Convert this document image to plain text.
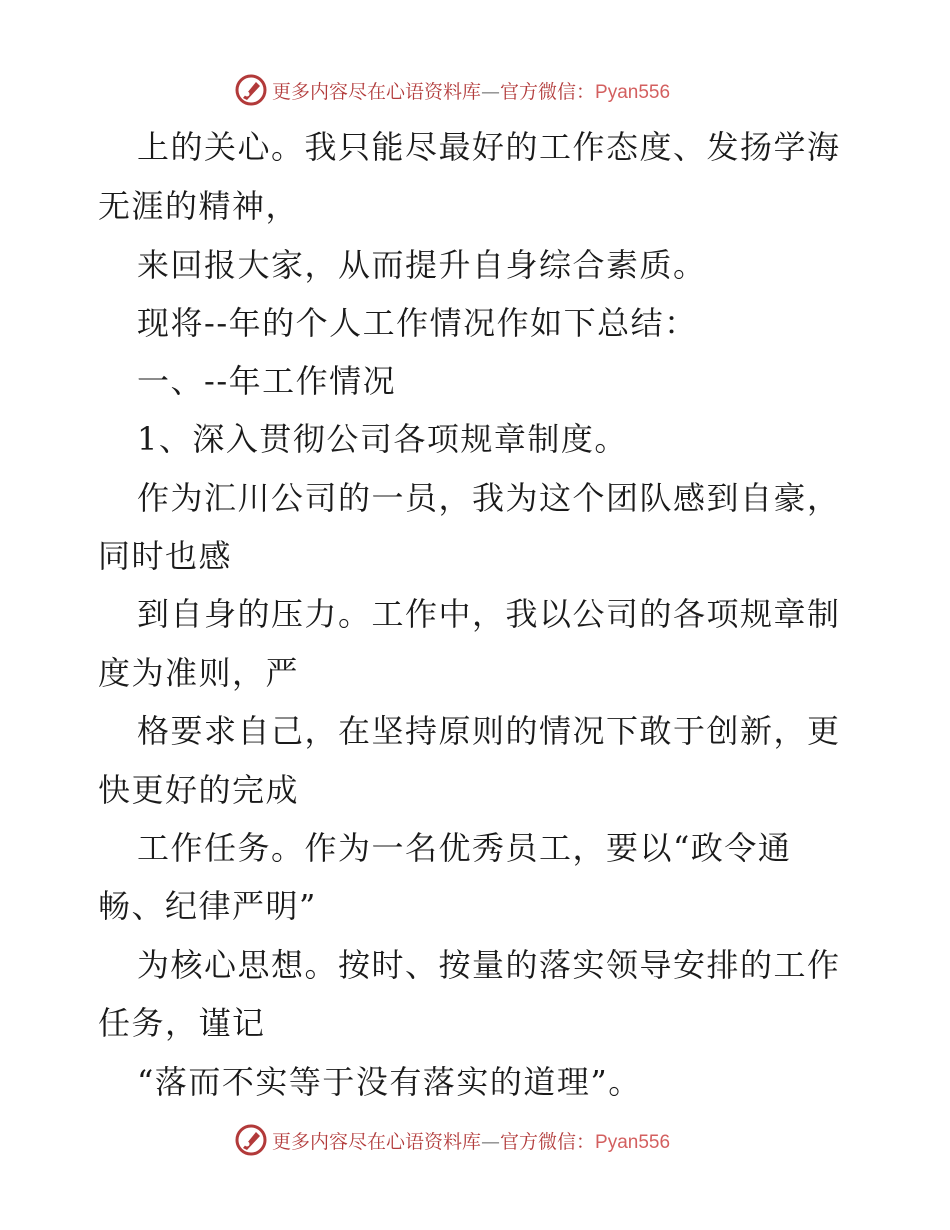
更多内容尽在心语资料库—官方微信：Pyan556
上的关心。我只能尽最好的工作态度、发扬学海
无涯的精神，
来回报大家，从而提升自身综合素质。
现将--年的个人工作情况作如下总结：
一、--年工作情况
1、深入贯彻公司各项规章制度。
作为汇川公司的一员，我为这个团队感到自豪，
同时也感
到自身的压力。工作中，我以公司的各项规章制
度为准则，严
格要求自己，在坚持原则的情况下敢于创新，更
快更好的完成
工作任务。作为一名优秀员工，要以“政令通
畅、纪律严明”
为核心思想。按时、按量的落实领导安排的工作
任务，谨记
“落而不实等于没有落实的道理”。
更多内容尽在心语资料库—官方微信：Pyan556
